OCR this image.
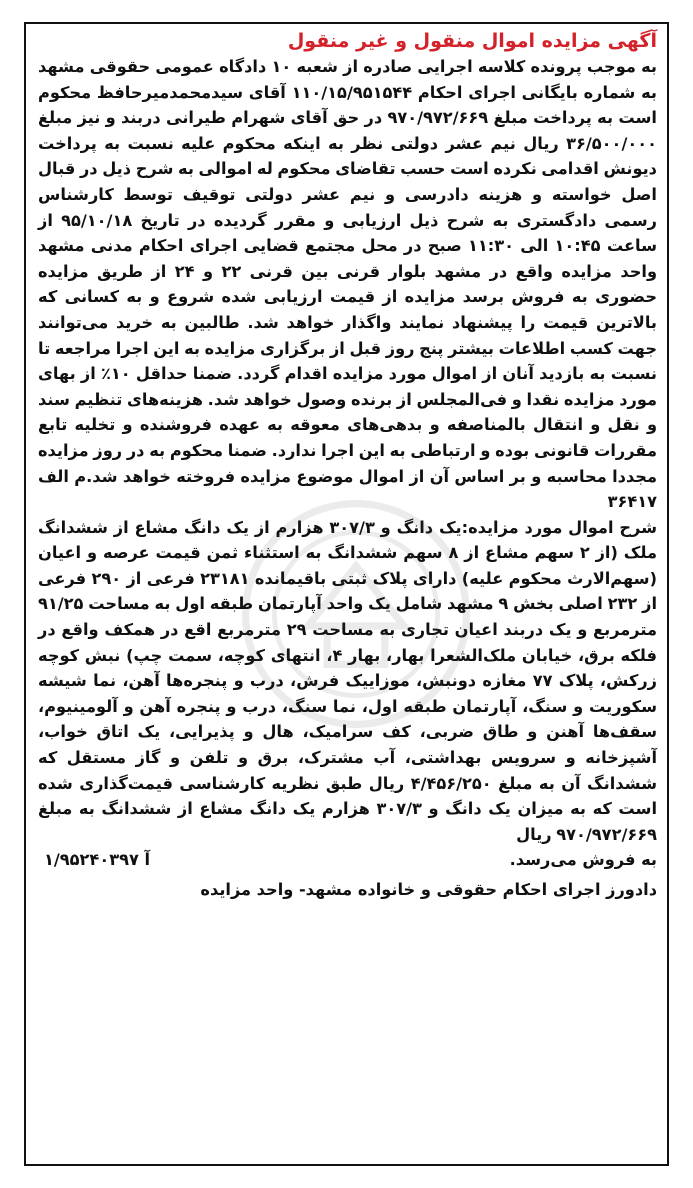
آگهی مزایده اموال منقول و غیر منقول

به موجب پرونده کلاسه اجرایی صادره از شعبه ۱۰ دادگاه عمومی حقوقی مشهد به شماره بایگانی اجرای احکام ۱۱۰/۱۵/۹۵۱۵۴۴ آقای سیدمحمدمیرحافظ محکوم است به پرداخت مبلغ ۹۷۰/۹۷۲/۶۶۹ در حق آقای شهرام طیرانی دربند و نیز مبلغ ۳۶/۵۰۰/۰۰۰ ریال نیم عشر دولتی نظر به اینکه محکوم علیه نسبت به پرداخت دیونش اقدامی نکرده است حسب تقاضای محکوم له اموالی به شرح ذیل در قبال اصل خواسته و هزینه دادرسی و نیم عشر دولتی توقیف توسط کارشناس رسمی دادگستری به شرح ذیل ارزیابی و مقرر گردیده در تاریخ ۹۵/۱۰/۱۸ از ساعت ۱۰:۴۵ الی ۱۱:۳۰ صبح در محل مجتمع قضایی اجرای احکام مدنی مشهد واحد مزایده واقع در مشهد بلوار قرنی بین قرنی ۲۲ و ۲۴ از طریق مزایده حضوری به فروش برسد مزایده از قیمت ارزیابی شده شروع و به کسانی که بالاترین قیمت را پیشنهاد نمایند واگذار خواهد شد. طالبین به خرید می‌توانند جهت کسب اطلاعات بیشتر پنج روز قبل از برگزاری مزایده به این اجرا مراجعه تا نسبت به بازدید آنان از اموال مورد مزایده اقدام گردد. ضمنا حداقل ۱۰٪ از بهای مورد مزایده نقدا و فی‌المجلس از برنده وصول خواهد شد. هزینه‌های تنظیم سند و نقل و انتقال بالمناصفه و بدهی‌های معوقه به عهده فروشنده و تخلیه تابع مقررات قانونی بوده و ارتباطی به این اجرا ندارد. ضمنا محکوم به در روز مزایده مجددا محاسبه و بر اساس آن از اموال موضوع مزایده فروخته خواهد شد.م الف ۳۶۴۱۷

شرح اموال مورد مزایده:یک دانگ و ۳۰۷/۳ هزارم از یک دانگ مشاع از ششدانگ ملک (از ۲ سهم مشاع از ۸ سهم ششدانگ به استثناء ثمن قیمت عرصه و اعیان (سهم‌الارث محکوم علیه) دارای پلاک ثبتی باقیمانده ۲۳۱۸۱ فرعی از ۲۹۰ فرعی از ۲۳۲ اصلی بخش ۹ مشهد شامل یک واحد آپارتمان طبقه اول به مساحت ۹۱/۲۵ مترمربع و یک دربند اعیان تجاری به مساحت ۲۹ مترمربع اقع در همکف واقع در فلکه برق، خیابان ملک‌الشعرا بهار، بهار ۴، انتهای کوچه، سمت چپ) نبش کوچه زرکش، پلاک ۷۷ مغازه دونبش، موزاییک فرش، درب و پنجره‌ها آهن، نما شیشه سکوریت و سنگ، آپارتمان طبقه اول، نما سنگ، درب و پنجره آهن و آلومینیوم، سقف‌ها آهنن و طاق ضربی، کف سرامیک، هال و پذیرایی، یک اتاق خواب، آشپزخانه و سرویس بهداشتی، آب مشترک، برق و تلفن و گاز مستقل که ششدانگ آن به مبلغ ۴/۴۵۶/۲۵۰ ریال طبق نظریه کارشناسی قیمت‌گذاری شده است که به میزان یک دانگ و ۳۰۷/۳ هزارم یک دانگ مشاع از ششدانگ به مبلغ ۹۷۰/۹۷۲/۶۶۹ ریال

به فروش می‌رسد.
۱/۹۵۲۴۰۳۹۷ آ

دادورز اجرای احکام حقوقی و خانواده مشهد- واحد مزایده
